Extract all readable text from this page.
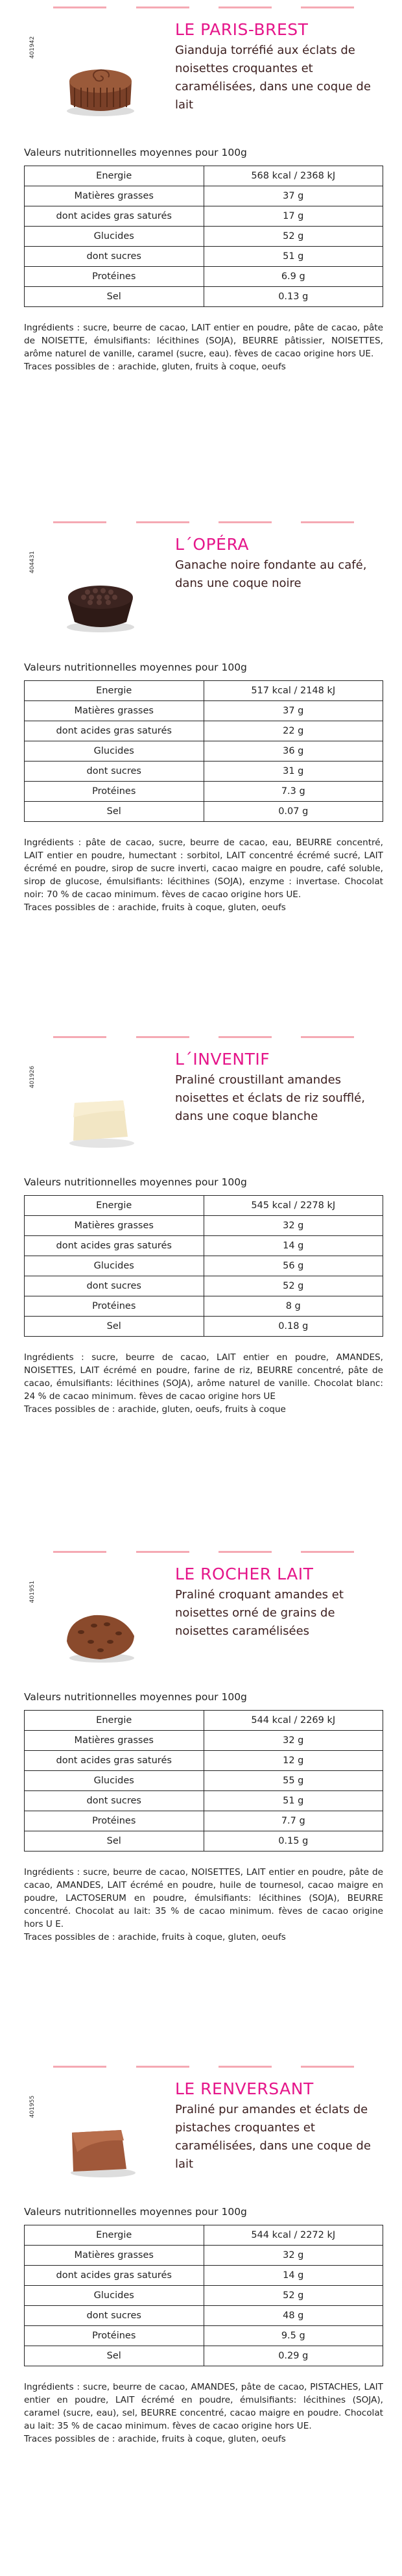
401942
LE PARIS-BREST
Gianduja torréfié aux éclats de noisettes croquantes et caramélisées, dans une coque de lait
Valeurs nutritionnelles moyennes pour 100g
Energie	568 kcal / 2368 kJ
Matières grasses	37 g
dont acides gras saturés	17 g
Glucides	52 g
dont sucres	51 g
Protéines	6.9 g
Sel	0.13 g
Ingrédients : sucre, beurre de cacao, LAIT entier en poudre, pâte de cacao, pâte de NOISETTE, émulsifiants: lécithines (SOJA), BEURRE pâtissier, NOISETTES, arôme naturel de vanille, caramel (sucre, eau). fèves de cacao origine hors UE.
Traces possibles de : arachide, gluten, fruits à coque, oeufs
404431
L´OPÉRA
Ganache noire fondante au café, dans une coque noire
Valeurs nutritionnelles moyennes pour 100g
Energie	517 kcal / 2148 kJ
Matières grasses	37 g
dont acides gras saturés	22 g
Glucides	36 g
dont sucres	31 g
Protéines	7.3 g
Sel	0.07 g
Ingrédients : pâte de cacao, sucre, beurre de cacao, eau, BEURRE concentré, LAIT entier en poudre, humectant : sorbitol, LAIT concentré écrémé sucré, LAIT écrémé en poudre, sirop de sucre inverti, cacao maigre en poudre, café soluble, sirop de glucose, émulsifiants: lécithines (SOJA), enzyme : invertase. Chocolat noir: 70 % de cacao minimum. fèves de cacao origine hors UE.
Traces possibles de : arachide, fruits à coque, gluten, oeufs
401926
L´INVENTIF
Praliné croustillant amandes noisettes et éclats de riz soufflé, dans une coque blanche
Valeurs nutritionnelles moyennes pour 100g
Energie	545 kcal / 2278 kJ
Matières grasses	32 g
dont acides gras saturés	14 g
Glucides	56 g
dont sucres	52 g
Protéines	8 g
Sel	0.18 g
Ingrédients : sucre, beurre de cacao, LAIT entier en poudre, AMANDES, NOISETTES, LAIT écrémé en poudre, farine de riz, BEURRE concentré, pâte de cacao, émulsifiants: lécithines (SOJA), arôme naturel de vanille. Chocolat blanc: 24 % de cacao minimum. fèves de cacao origine hors UE
Traces possibles de : arachide, gluten, oeufs, fruits à coque
401951
LE ROCHER LAIT
Praliné croquant amandes et noisettes orné de grains de noisettes caramélisées
Valeurs nutritionnelles moyennes pour 100g
Energie	544 kcal / 2269 kJ
Matières grasses	32 g
dont acides gras saturés	12 g
Glucides	55 g
dont sucres	51 g
Protéines	7.7 g
Sel	0.15 g
Ingrédients : sucre, beurre de cacao, NOISETTES, LAIT entier en poudre, pâte de cacao, AMANDES, LAIT écrémé en poudre, huile de tournesol, cacao maigre en poudre, LACTOSERUM en poudre, émulsifiants: lécithines (SOJA), BEURRE concentré. Chocolat au lait: 35 % de cacao minimum. fèves de cacao origine hors U E.
Traces possibles de : arachide, fruits à coque, gluten, oeufs
401955
LE RENVERSANT
Praliné pur amandes et éclats de pistaches croquantes et caramélisées, dans une coque de lait
Valeurs nutritionnelles moyennes pour 100g
Energie	544 kcal / 2272 kJ
Matières grasses	32 g
dont acides gras saturés	14 g
Glucides	52 g
dont sucres	48 g
Protéines	9.5 g
Sel	0.29 g
Ingrédients : sucre, beurre de cacao, AMANDES, pâte de cacao, PISTACHES, LAIT entier en poudre, LAIT écrémé en poudre, émulsifiants: lécithines (SOJA), caramel (sucre, eau), sel, BEURRE concentré, cacao maigre en poudre. Chocolat au lait: 35 % de cacao minimum. fèves de cacao origine hors UE.
Traces possibles de : arachide, fruits à coque, gluten, oeufs
